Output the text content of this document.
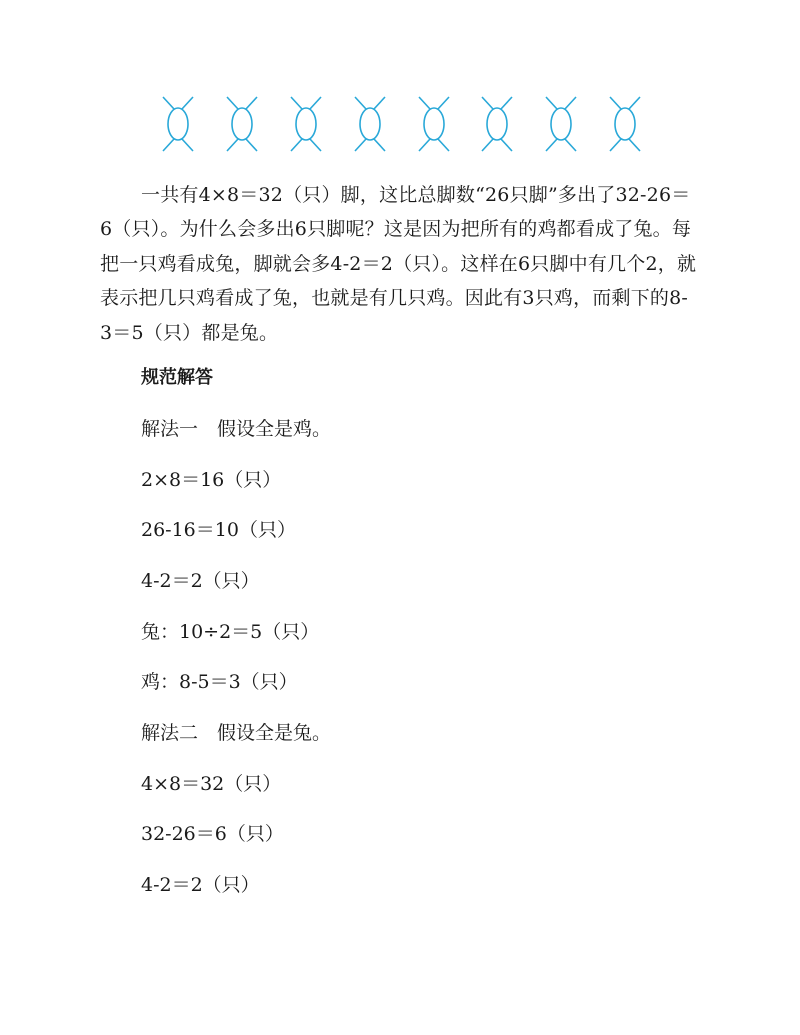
一共有4×8＝32（只）脚，这比总脚数“26只脚”多出了32-26＝6（只）。为什么会多出6只脚呢？这是因为把所有的鸡都看成了兔。每把一只鸡看成兔，脚就会多4-2＝2（只）。这样在6只脚中有几个2，就表示把几只鸡看成了兔，也就是有几只鸡。因此有3只鸡，而剩下的8-3＝5（只）都是兔。

规范解答

解法一　假设全是鸡。

2×8＝16（只）

26-16＝10（只）

4-2＝2（只）

兔：10÷2＝5（只）

鸡：8-5＝3（只）

解法二　假设全是兔。

4×8＝32（只）

32-26＝6（只）

4-2＝2（只）
